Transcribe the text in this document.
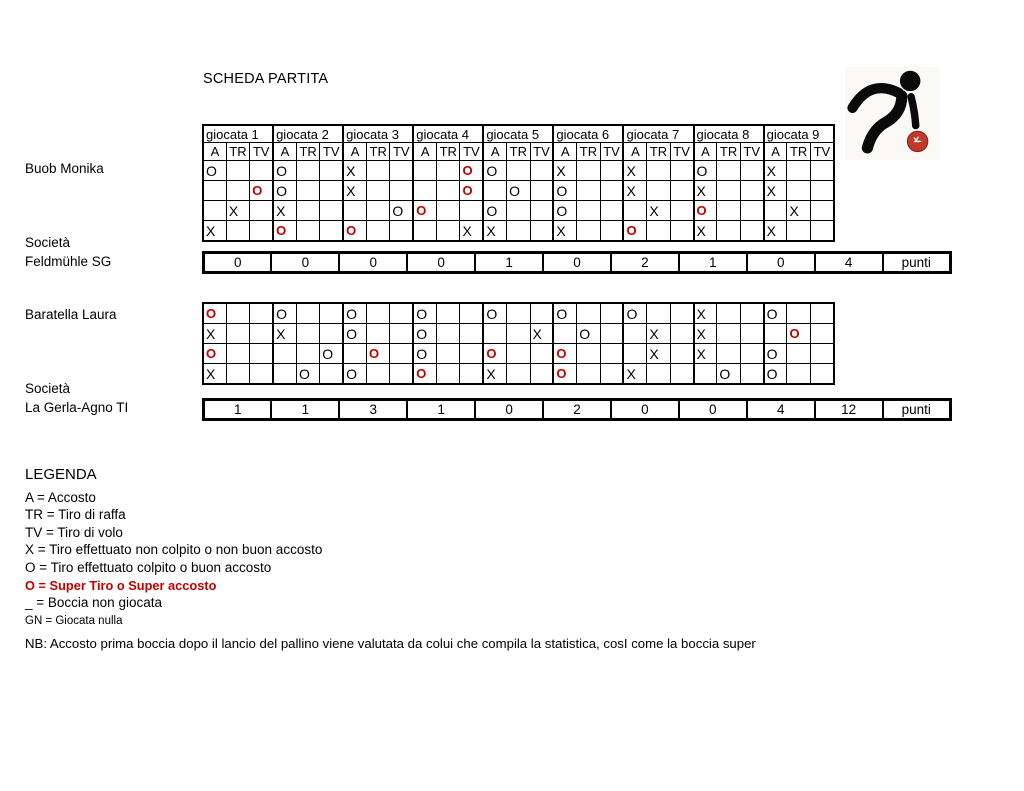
SCHEDA PARTITA
Buob Monika
giocata 1			giocata 2			giocata 3			giocata 4			giocata 5			giocata 6			giocata 7			giocata 8			giocata 9		
A	TR	TV	A	TR	TV	A	TR	TV	A	TR	TV	A	TR	TV	A	TR	TV	A	TR	TV	A	TR	TV	A	TR	TV
O			O			X					O	O			X			X			O			X		
		O	O			X					O		O		O			X			X			X		
	X		X					O	O			O			O				X		O				X	
X			O			O					X	X			X			O			X			X		
Società
Feldmühle SG	0	0	0	0	1	0	2	1	0	4	punti
Baratella Laura	O			O			O			O			O			O			O			X			O		
X			X			O			O					X		O			X		X				O	
O					O		O		O			O			O				X		X			O		
X				O		O			O			X			O			X				O		O		
Società
La Gerla-Agno TI	1	1	3	1	0	2	0	0	4	12	punti
LEGENDA
A = Accosto
TR = Tiro di raffa
TV = Tiro di volo
X = Tiro effettuato non colpito o non buon accosto
O = Tiro effettuato colpito o buon accosto
O = Super Tiro o Super accosto
_ = Boccia non giocata
GN = Giocata nulla
NB: Accosto prima boccia dopo il lancio del pallino viene valutata da colui che compila la statistica, cosI come la boccia super
